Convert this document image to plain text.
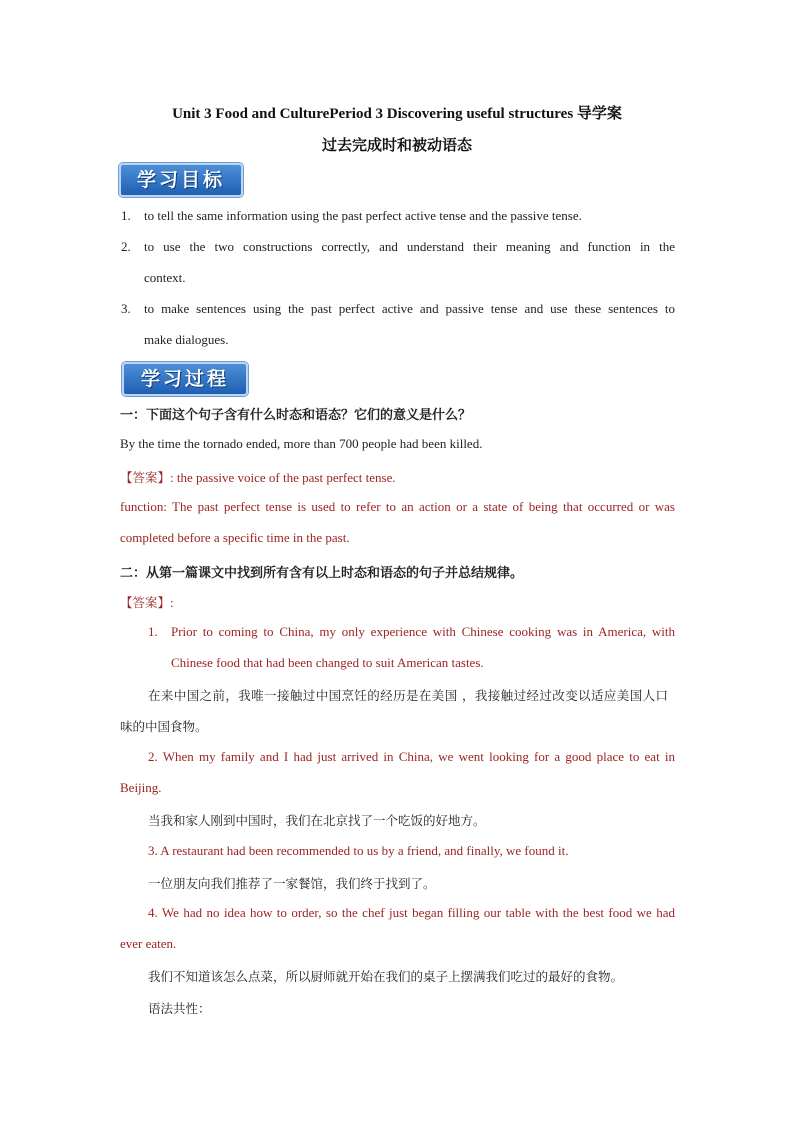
Unit 3 Food and CulturePeriod 3 Discovering useful structures 导学案
过去完成时和被动语态
学习目标
1. to tell the same information using the past perfect active tense and the passive tense.
2. to use the two constructions correctly, and understand their meaning and function in the
context.
3. to make sentences using the past perfect active and passive tense and use these sentences to
make dialogues.
学习过程
一：下面这个句子含有什么时态和语态？它们的意义是什么？
By the time the tornado ended, more than 700 people had been killed.
【答案】: the passive voice of the past perfect tense.
function: The past perfect tense is used to refer to an action or a state of being that occurred or was
completed before a specific time in the past.
二：从第一篇课文中找到所有含有以上时态和语态的句子并总结规律。
【答案】:
1. Prior to coming to China, my only experience with Chinese cooking was in America, with
Chinese food that had been changed to suit American tastes.
在来中国之前，我唯一接触过中国烹饪的经历是在美国 ，我接触过经过改变以适应美国人口
味的中国食物。
2. When my family and I had just arrived in China, we went looking for a good place to eat in
Beijing.
当我和家人刚到中国时，我们在北京找了一个吃饭的好地方。
3. A restaurant had been recommended to us by a friend, and finally, we found it.
一位朋友向我们推荐了一家餐馆，我们终于找到了。
4. We had no idea how to order, so the chef just began filling our table with the best food we had
ever eaten.
我们不知道该怎么点菜，所以厨师就开始在我们的桌子上摆满我们吃过的最好的食物。
语法共性：
